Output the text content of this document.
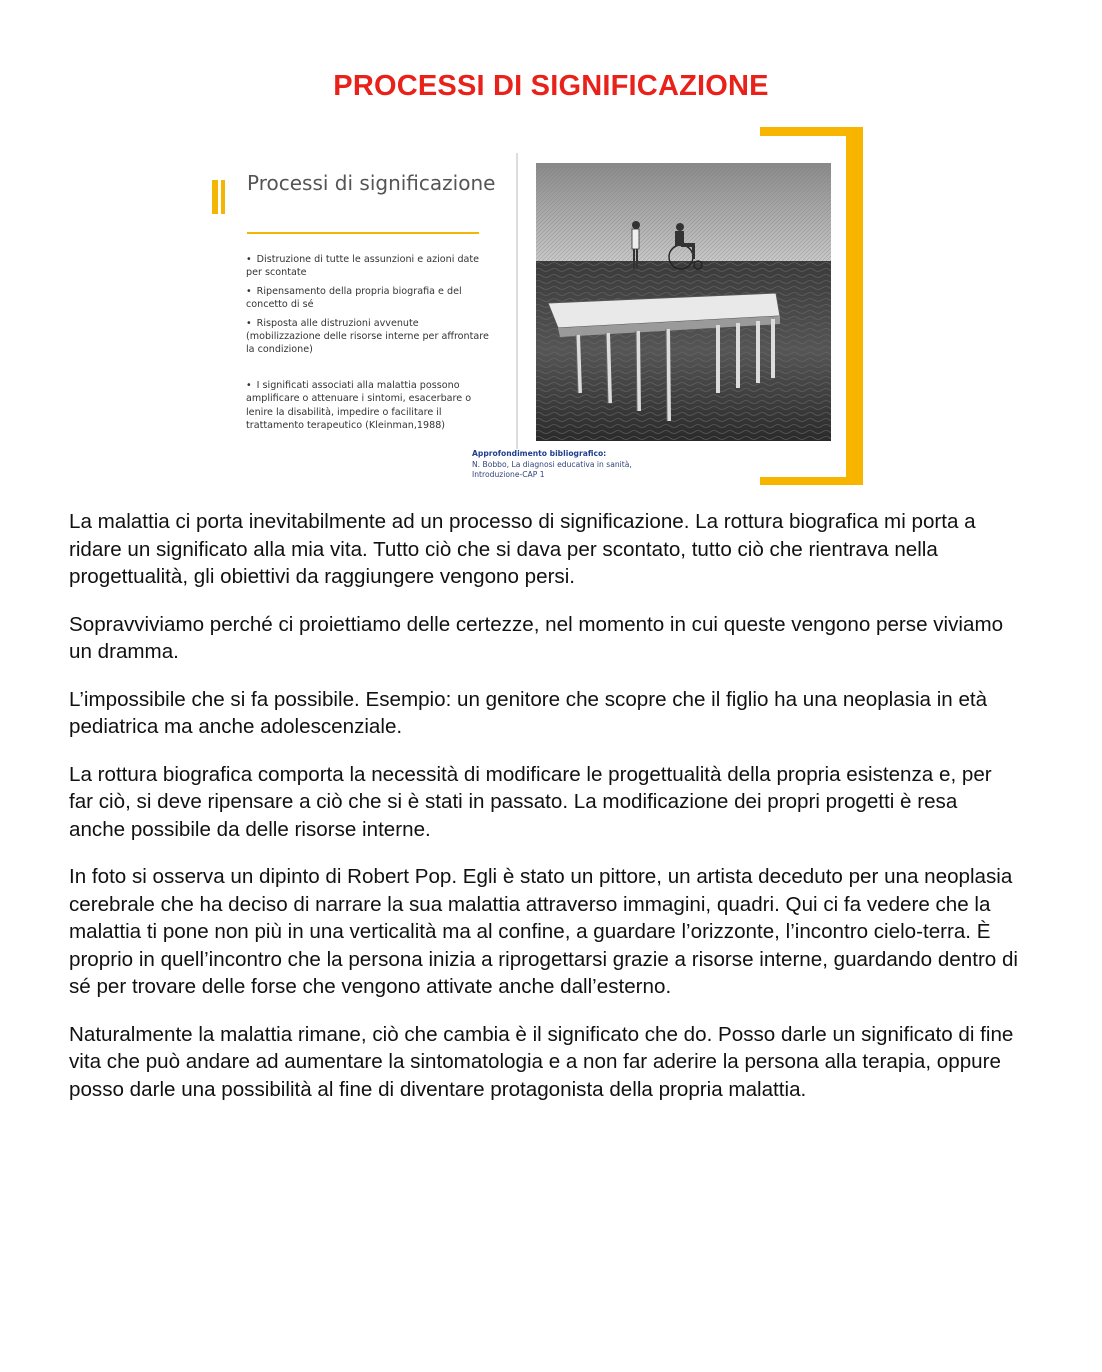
PROCESSI DI SIGNIFICAZIONE
Processi di significazione
• Distruzione di tutte le assunzioni e azioni date per scontate
• Ripensamento della propria biografia e del concetto di sé
• Risposta alle distruzioni avvenute (mobilizzazione delle risorse interne per affrontare la condizione)
• I significati associati alla malattia possono amplificare o attenuare i sintomi, esacerbare o lenire la disabilità, impedire o facilitare il trattamento terapeutico (Kleinman,1988)
Approfondimento bibliografico:
N. Bobbo, La diagnosi educativa in sanità,
Introduzione-CAP 1

La malattia ci porta inevitabilmente ad un processo di significazione. La rottura biografica mi porta a ridare un significato alla mia vita. Tutto ciò che si dava per scontato, tutto ciò che rientrava nella progettualità, gli obiettivi da raggiungere vengono persi.

Sopravviviamo perché ci proiettiamo delle certezze, nel momento in cui queste vengono perse viviamo un dramma.

L’impossibile che si fa possibile. Esempio: un genitore che scopre che il figlio ha una neoplasia in età pediatrica ma anche adolescenziale.

La rottura biografica comporta la necessità di modificare le progettualità della propria esistenza e, per far ciò, si deve ripensare a ciò che si è stati in passato. La modificazione dei propri progetti è resa anche possibile da delle risorse interne.

In foto si osserva un dipinto di Robert Pop. Egli è stato un pittore, un artista deceduto per una neoplasia cerebrale che ha deciso di narrare la sua malattia attraverso immagini, quadri. Qui ci fa vedere che la malattia ti pone non più in una verticalità ma al confine, a guardare l’orizzonte, l’incontro cielo-terra. È proprio in quell’incontro che la persona inizia a riprogettarsi grazie a risorse interne, guardando dentro di sé per trovare delle forse che vengono attivate anche dall’esterno.

Naturalmente la malattia rimane, ciò che cambia è il significato che do. Posso darle un significato di fine vita che può andare ad aumentare la sintomatologia e a non far aderire la persona alla terapia, oppure posso darle una possibilità al fine di diventare protagonista della propria malattia.
